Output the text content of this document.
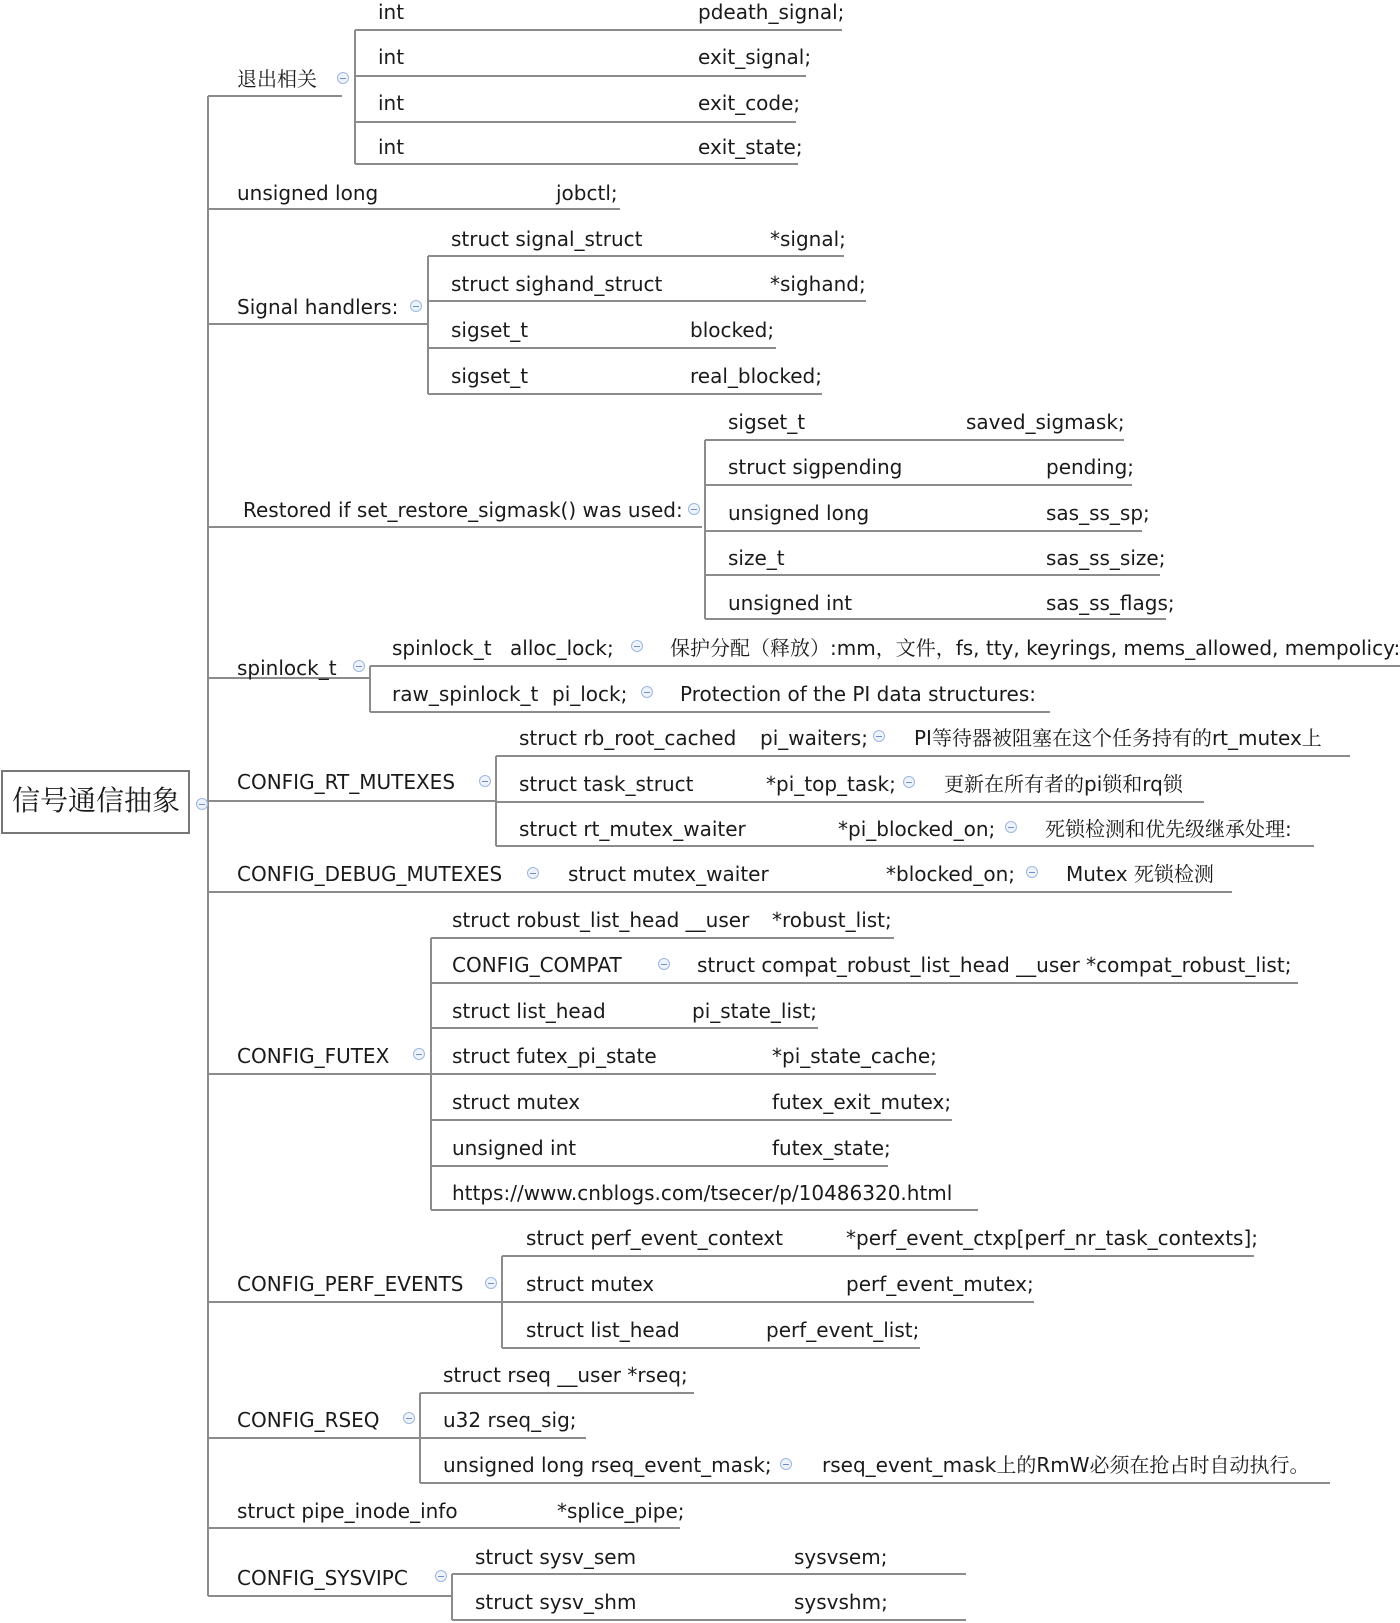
信号通信抽象
退出相关
int	pdeath_signal;
int	exit_signal;
int	exit_code;
int	exit_state;
unsigned long	jobctl;
Signal handlers:
struct signal_struct	*signal;
struct sighand_struct	*sighand;
sigset_t	blocked;
sigset_t	real_blocked;
Restored if set_restore_sigmask() was used:
sigset_t	saved_sigmask;
struct sigpending	pending;
unsigned long	sas_ss_sp;
size_t	sas_ss_size;
unsigned int	sas_ss_flags;
spinlock_t
spinlock_t alloc_lock;	保护分配（释放）:mm，文件，fs, tty, keyrings, mems_allowed, mempolicy:
raw_spinlock_t pi_lock;	Protection of the PI data structures:
CONFIG_RT_MUTEXES
struct rb_root_cached pi_waiters; PI等待器被阻塞在这个任务持有的rt_mutex上
struct task_struct	*pi_top_task; 更新在所有者的pi锁和rq锁
struct rt_mutex_waiter	*pi_blocked_on; 死锁检测和优先级继承处理:
CONFIG_DEBUG_MUTEXES	struct mutex_waiter	*blocked_on;	Mutex 死锁检测
CONFIG_FUTEX
struct robust_list_head __user *robust_list;
CONFIG_COMPAT	struct compat_robust_list_head __user *compat_robust_list;
struct list_head	pi_state_list;
struct futex_pi_state	*pi_state_cache;
struct mutex	futex_exit_mutex;
unsigned int	futex_state;
https://www.cnblogs.com/tsecer/p/10486320.html
CONFIG_PERF_EVENTS
struct perf_event_context	*perf_event_ctxp[perf_nr_task_contexts];
struct mutex	perf_event_mutex;
struct list_head	perf_event_list;
CONFIG_RSEQ
struct rseq __user *rseq;
u32 rseq_sig;
unsigned long rseq_event_mask;	rseq_event_mask上的RmW必须在抢占时自动执行。
struct pipe_inode_info	*splice_pipe;
CONFIG_SYSVIPC
struct sysv_sem	sysvsem;
struct sysv_shm	sysvshm;
